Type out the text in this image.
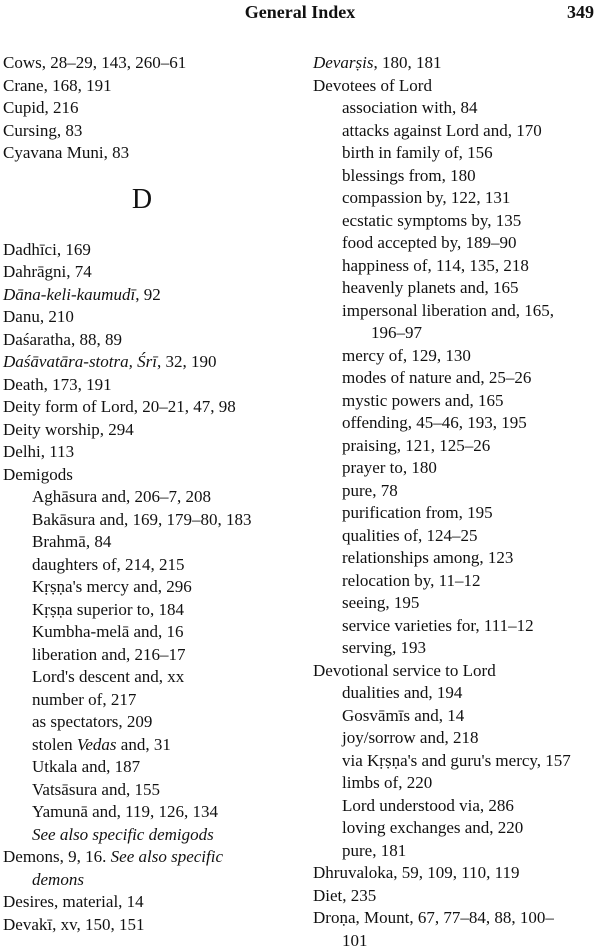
General Index	349
Cows, 28–29, 143, 260–61
Crane, 168, 191
Cupid, 216
Cursing, 83
Cyavana Muni, 83
D
Dadhīci, 169
Dahrāgni, 74
Dāna-keli-kaumudī, 92
Danu, 210
Daśaratha, 88, 89
Daśāvatāra-stotra, Śrī, 32, 190
Death, 173, 191
Deity form of Lord, 20–21, 47, 98
Deity worship, 294
Delhi, 113
Demigods
Aghāsura and, 206–7, 208
Bakāsura and, 169, 179–80, 183
Brahmā, 84
daughters of, 214, 215
Kṛṣṇa's mercy and, 296
Kṛṣṇa superior to, 184
Kumbha-melā and, 16
liberation and, 216–17
Lord's descent and, xx
number of, 217
as spectators, 209
stolen Vedas and, 31
Utkala and, 187
Vatsāsura and, 155
Yamunā and, 119, 126, 134
See also specific demigods
Demons, 9, 16. See also specific
demons
Desires, material, 14
Devakī, xv, 150, 151
Devarṣis, 180, 181
Devotees of Lord
association with, 84
attacks against Lord and, 170
birth in family of, 156
blessings from, 180
compassion by, 122, 131
ecstatic symptoms by, 135
food accepted by, 189–90
happiness of, 114, 135, 218
heavenly planets and, 165
impersonal liberation and, 165,
196–97
mercy of, 129, 130
modes of nature and, 25–26
mystic powers and, 165
offending, 45–46, 193, 195
praising, 121, 125–26
prayer to, 180
pure, 78
purification from, 195
qualities of, 124–25
relationships among, 123
relocation by, 11–12
seeing, 195
service varieties for, 111–12
serving, 193
Devotional service to Lord
dualities and, 194
Gosvāmīs and, 14
joy/sorrow and, 218
via Kṛṣṇa's and guru's mercy, 157
limbs of, 220
Lord understood via, 286
loving exchanges and, 220
pure, 181
Dhruvaloka, 59, 109, 110, 119
Diet, 235
Droṇa, Mount, 67, 77–84, 88, 100–
101
